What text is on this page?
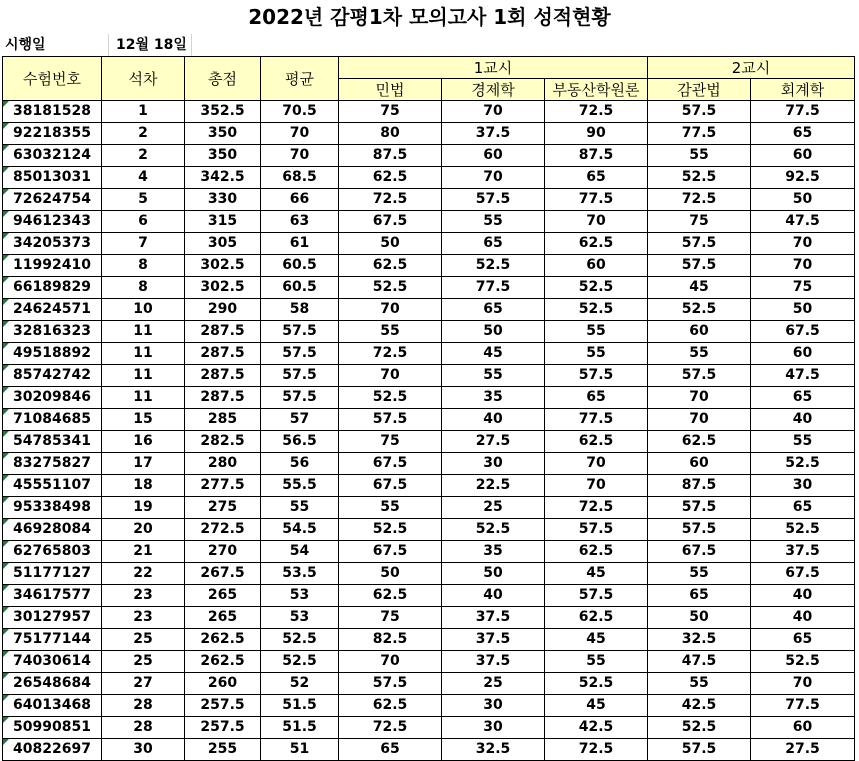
2022년 감평1차 모의고사 1회 성적현황
시행일	12월 18일
수험번호	석차	총점	평균	1교시			2교시	
				민법	경제학	부동산학원론	감관법	회계학
38181528	1	352.5	70.5	75	70	72.5	57.5	77.5
92218355	2	350	70	80	37.5	90	77.5	65
63032124	2	350	70	87.5	60	87.5	55	60
85013031	4	342.5	68.5	62.5	70	65	52.5	92.5
72624754	5	330	66	72.5	57.5	77.5	72.5	50
94612343	6	315	63	67.5	55	70	75	47.5
34205373	7	305	61	50	65	62.5	57.5	70
11992410	8	302.5	60.5	62.5	52.5	60	57.5	70
66189829	8	302.5	60.5	52.5	77.5	52.5	45	75
24624571	10	290	58	70	65	52.5	52.5	50
32816323	11	287.5	57.5	55	50	55	60	67.5
49518892	11	287.5	57.5	72.5	45	55	55	60
85742742	11	287.5	57.5	70	55	57.5	57.5	47.5
30209846	11	287.5	57.5	52.5	35	65	70	65
71084685	15	285	57	57.5	40	77.5	70	40
54785341	16	282.5	56.5	75	27.5	62.5	62.5	55
83275827	17	280	56	67.5	30	70	60	52.5
45551107	18	277.5	55.5	67.5	22.5	70	87.5	30
95338498	19	275	55	55	25	72.5	57.5	65
46928084	20	272.5	54.5	52.5	52.5	57.5	57.5	52.5
62765803	21	270	54	67.5	35	62.5	67.5	37.5
51177127	22	267.5	53.5	50	50	45	55	67.5
34617577	23	265	53	62.5	40	57.5	65	40
30127957	23	265	53	75	37.5	62.5	50	40
75177144	25	262.5	52.5	82.5	37.5	45	32.5	65
74030614	25	262.5	52.5	70	37.5	55	47.5	52.5
26548684	27	260	52	57.5	25	52.5	55	70
64013468	28	257.5	51.5	62.5	30	45	42.5	77.5
50990851	28	257.5	51.5	72.5	30	42.5	52.5	60
40822697	30	255	51	65	32.5	72.5	57.5	27.5
